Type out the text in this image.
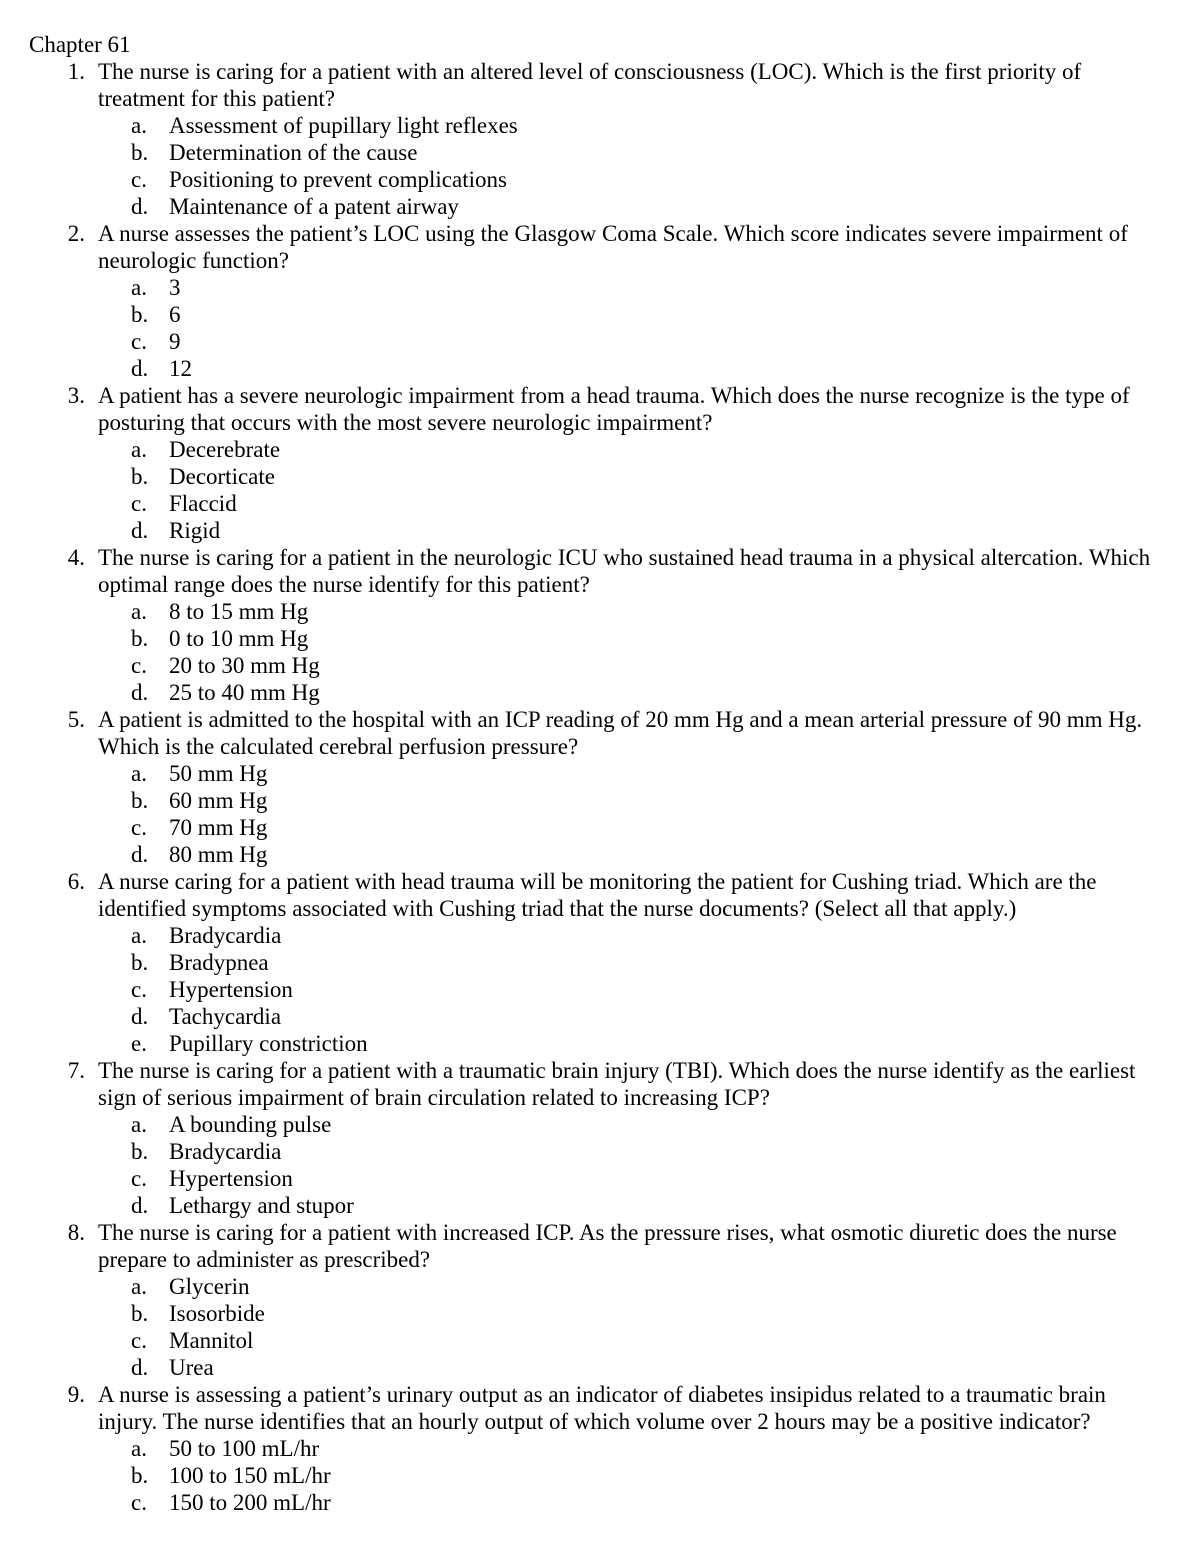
Chapter 61
1. The nurse is caring for a patient with an altered level of consciousness (LOC). Which is the first priority of treatment for this patient?
a. Assessment of pupillary light reflexes
b. Determination of the cause
c. Positioning to prevent complications
d. Maintenance of a patent airway
2. A nurse assesses the patient’s LOC using the Glasgow Coma Scale. Which score indicates severe impairment of neurologic function?
a. 3
b. 6
c. 9
d. 12
3. A patient has a severe neurologic impairment from a head trauma. Which does the nurse recognize is the type of posturing that occurs with the most severe neurologic impairment?
a. Decerebrate
b. Decorticate
c. Flaccid
d. Rigid
4. The nurse is caring for a patient in the neurologic ICU who sustained head trauma in a physical altercation. Which optimal range does the nurse identify for this patient?
a. 8 to 15 mm Hg
b. 0 to 10 mm Hg
c. 20 to 30 mm Hg
d. 25 to 40 mm Hg
5. A patient is admitted to the hospital with an ICP reading of 20 mm Hg and a mean arterial pressure of 90 mm Hg. Which is the calculated cerebral perfusion pressure?
a. 50 mm Hg
b. 60 mm Hg
c. 70 mm Hg
d. 80 mm Hg
6. A nurse caring for a patient with head trauma will be monitoring the patient for Cushing triad. Which are the identified symptoms associated with Cushing triad that the nurse documents? (Select all that apply.)
a. Bradycardia
b. Bradypnea
c. Hypertension
d. Tachycardia
e. Pupillary constriction
7. The nurse is caring for a patient with a traumatic brain injury (TBI). Which does the nurse identify as the earliest sign of serious impairment of brain circulation related to increasing ICP?
a. A bounding pulse
b. Bradycardia
c. Hypertension
d. Lethargy and stupor
8. The nurse is caring for a patient with increased ICP. As the pressure rises, what osmotic diuretic does the nurse prepare to administer as prescribed?
a. Glycerin
b. Isosorbide
c. Mannitol
d. Urea
9. A nurse is assessing a patient’s urinary output as an indicator of diabetes insipidus related to a traumatic brain injury. The nurse identifies that an hourly output of which volume over 2 hours may be a positive indicator?
a. 50 to 100 mL/hr
b. 100 to 150 mL/hr
c. 150 to 200 mL/hr
